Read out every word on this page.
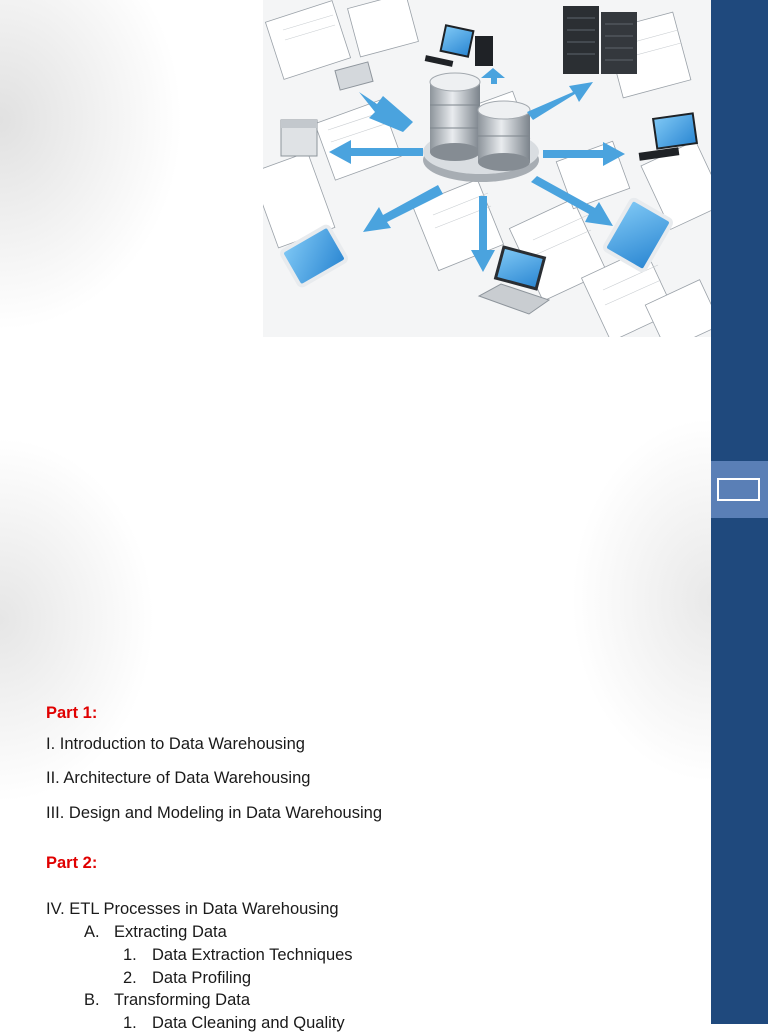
Part 1:
I. Introduction to Data Warehousing
II. Architecture of Data Warehousing
III. Design and Modeling in Data Warehousing
Part 2:
IV. ETL Processes in Data Warehousing
A. Extracting Data
1. Data Extraction Techniques
2. Data Profiling
B. Transforming Data
1. Data Cleaning and Quality
